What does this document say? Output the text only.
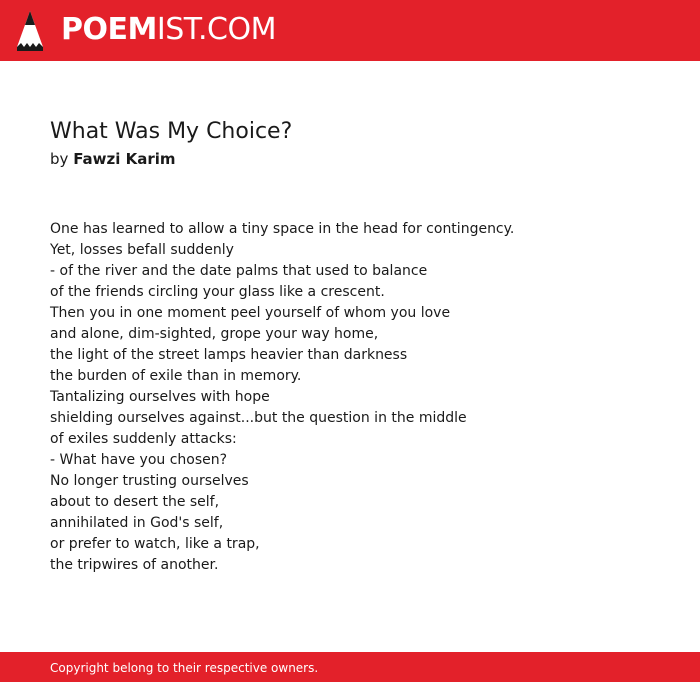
POEMIST.COM
What Was My Choice?
by Fawzi Karim
One has learned to allow a tiny space in the head for contingency.
Yet, losses befall suddenly
- of the river and the date palms that used to balance
of the friends circling your glass like a crescent.
Then you in one moment peel yourself of whom you love
and alone, dim-sighted, grope your way home,
the light of the street lamps heavier than darkness
the burden of exile than in memory.
Tantalizing ourselves with hope
shielding ourselves against...but the question in the middle
of exiles suddenly attacks:
- What have you chosen?
No longer trusting ourselves
about to desert the self,
annihilated in God's self,
or prefer to watch, like a trap,
the tripwires of another.
Copyright belong to their respective owners.
